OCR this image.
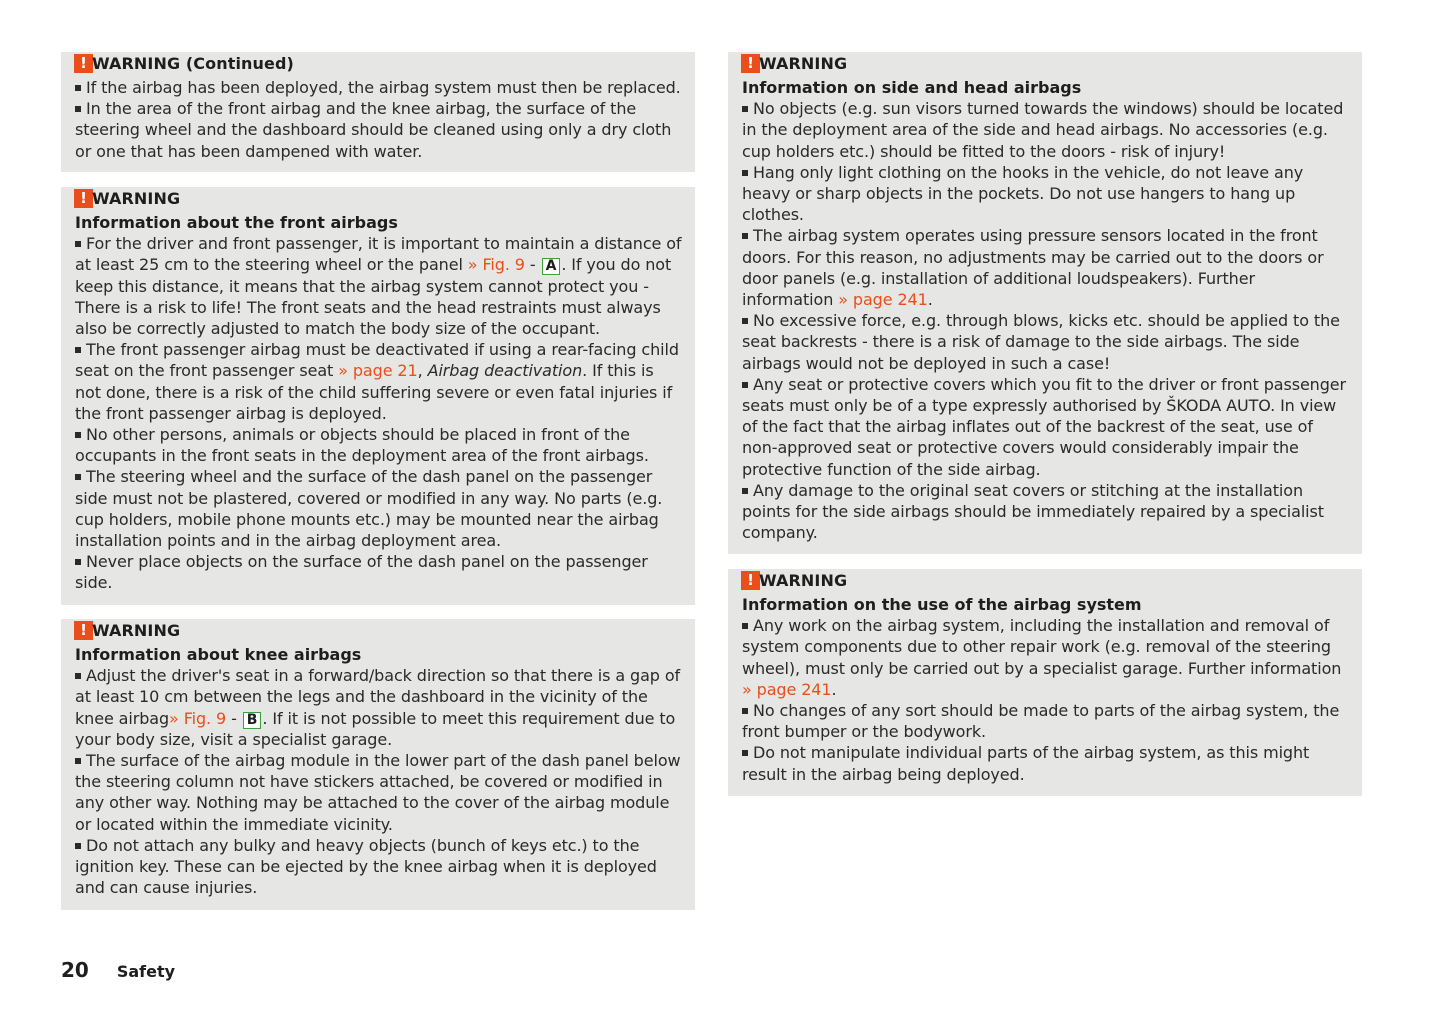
! WARNING (Continued)
If the airbag has been deployed, the airbag system must then be replaced.
In the area of the front airbag and the knee airbag, the surface of the steering wheel and the dashboard should be cleaned using only a dry cloth or one that has been dampened with water.
! WARNING
Information about the front airbags
For the driver and front passenger, it is important to maintain a distance of at least 25 cm to the steering wheel or the panel » Fig. 9 - A . If you do not keep this distance, it means that the airbag system cannot protect you - There is a risk to life! The front seats and the head restraints must always also be correctly adjusted to match the body size of the occupant.
The front passenger airbag must be deactivated if using a rear-facing child seat on the front passenger seat » page 21, Airbag deactivation. If this is not done, there is a risk of the child suffering severe or even fatal injuries if the front passenger airbag is deployed.
No other persons, animals or objects should be placed in front of the occupants in the front seats in the deployment area of the front airbags.
The steering wheel and the surface of the dash panel on the passenger side must not be plastered, covered or modified in any way. No parts (e.g. cup holders, mobile phone mounts etc.) may be mounted near the airbag installation points and in the airbag deployment area.
Never place objects on the surface of the dash panel on the passenger side.
! WARNING
Information about knee airbags
Adjust the driver's seat in a forward/back direction so that there is a gap of at least 10 cm between the legs and the dashboard in the vicinity of the knee airbag» Fig. 9 - B . If it is not possible to meet this requirement due to your body size, visit a specialist garage.
The surface of the airbag module in the lower part of the dash panel below the steering column not have stickers attached, be covered or modified in any other way. Nothing may be attached to the cover of the airbag module or located within the immediate vicinity.
Do not attach any bulky and heavy objects (bunch of keys etc.) to the ignition key. These can be ejected by the knee airbag when it is deployed and can cause injuries.
! WARNING
Information on side and head airbags
No objects (e.g. sun visors turned towards the windows) should be located in the deployment area of the side and head airbags. No accessories (e.g. cup holders etc.) should be fitted to the doors - risk of injury!
Hang only light clothing on the hooks in the vehicle, do not leave any heavy or sharp objects in the pockets. Do not use hangers to hang up clothes.
The airbag system operates using pressure sensors located in the front doors. For this reason, no adjustments may be carried out to the doors or door panels (e.g. installation of additional loudspeakers). Further information » page 241.
No excessive force, e.g. through blows, kicks etc. should be applied to the seat backrests - there is a risk of damage to the side airbags. The side airbags would not be deployed in such a case!
Any seat or protective covers which you fit to the driver or front passenger seats must only be of a type expressly authorised by ŠKODA AUTO. In view of the fact that the airbag inflates out of the backrest of the seat, use of non-approved seat or protective covers would considerably impair the protective function of the side airbag.
Any damage to the original seat covers or stitching at the installation points for the side airbags should be immediately repaired by a specialist company.
! WARNING
Information on the use of the airbag system
Any work on the airbag system, including the installation and removal of system components due to other repair work (e.g. removal of the steering wheel), must only be carried out by a specialist garage. Further information » page 241.
No changes of any sort should be made to parts of the airbag system, the front bumper or the bodywork.
Do not manipulate individual parts of the airbag system, as this might result in the airbag being deployed.
20 Safety
